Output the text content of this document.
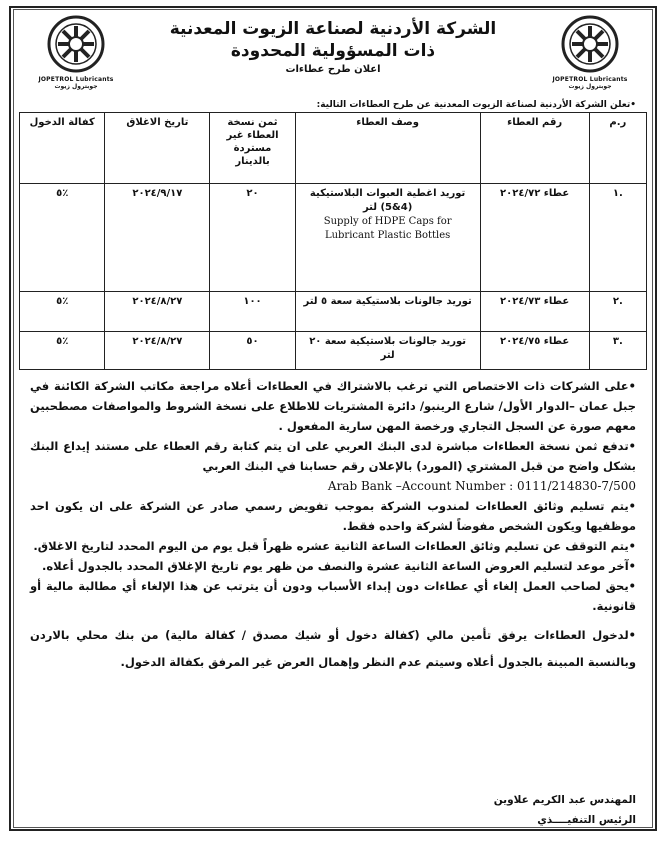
JOPETROL Lubricants
جوبترول زيوت
JOPETROL Lubricants
جوبترول زيوت
الشركة الأردنية لصناعة الزيوت المعدنية
ذات المسؤولية المحدودة
اعلان طرح عطاءات
•تعلن الشركة الأردنية لصناعة الزيوت المعدنية عن طرح العطاءات التالية:
ر.م	رقم العطاء	وصف العطاء	ثمن نسخة العطاء غير مستردة بالدينار	تاريخ الاغلاق	كفالة الدخول
.١	عطاء ٢٠٢٤/٧٢	توريد اغطية العبوات البلاستيكية
(4&5) لتر
Supply of HDPE Caps for Lubricant Plastic Bottles	٢٠	٢٠٢٤/٩/١٧	٪٥
.٢	عطاء ٢٠٢٤/٧٣	توريد جالونات بلاستيكية سعة ٥ لتر	١٠٠	٢٠٢٤/٨/٢٧	٪٥
.٣	عطاء ٢٠٢٤/٧٥	توريد جالونات بلاستيكية سعة ٢٠ لتر	٥٠	٢٠٢٤/٨/٢٧	٪٥

•على الشركات ذات الاختصاص التي ترغب بالاشتراك في العطاءات أعلاه مراجعة مكاتب الشركة الكائنة في جبل عمان –الدوار الأول/ شارع الرينبو/ دائرة المشتريات للاطلاع على نسخة الشروط والمواصفات مصطحبين معهم صورة عن السجل التجاري ورخصة المهن سارية المفعول .

•تدفع ثمن نسخة العطاءات مباشرة لدى البنك العربي على ان يتم كتابة رقم العطاء على مستند إيداع البنك بشكل واضح من قبل المشتري (المورد) بالإعلان رقم حسابنا في البنك العربي

Arab Bank –Account Number : 0111/214830-7/500

•يتم تسليم وثائق العطاءات لمندوب الشركة بموجب تفويض رسمي صادر عن الشركة على ان يكون احد موظفيها ويكون الشخص مفوضاً لشركة واحده فقط.

•يتم التوقف عن تسليم وثائق العطاءات الساعة الثانية عشره ظهراً قبل يوم من اليوم المحدد لتاريخ الاغلاق.

•آخر موعد لتسليم العروض الساعة الثانية عشرة والنصف من ظهر يوم تاريخ الإغلاق المحدد بالجدول أعلاه.

•يحق لصاحب العمل إلغاء أي عطاءات دون إبداء الأسباب ودون أن يترتب عن هذا الإلغاء أي مطالبة مالية أو قانونية.

•لدخول العطاءات يرفق تأمين مالي (كفالة دخول أو شيك مصدق / كفالة مالية) من بنك محلي بالاردن وبالنسبة المبينة بالجدول أعلاه وسيتم عدم النظر وإهمال العرض غير المرفق بكفالة الدخول.

المهندس عبد الكريم علاوين
الرئيس التنفيــــذي
